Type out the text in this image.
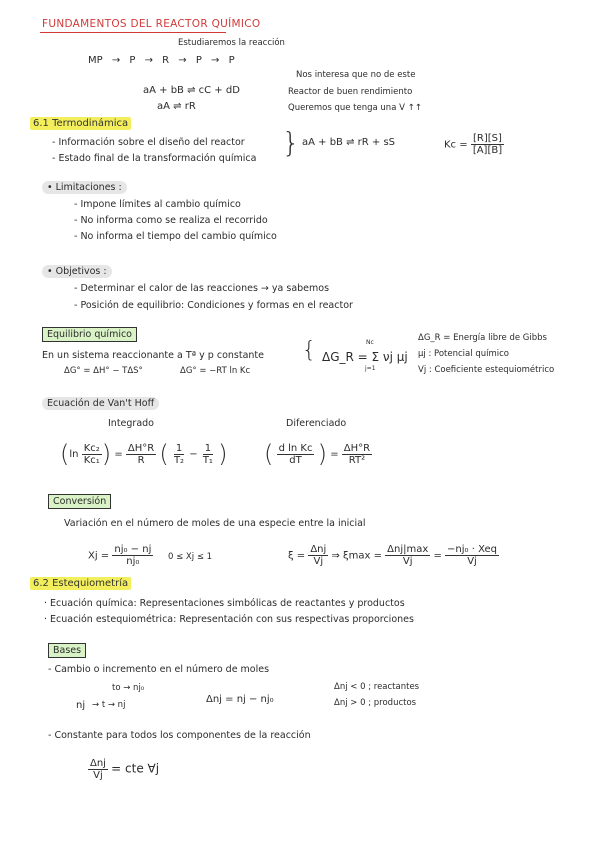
FUNDAMENTOS DEL REACTOR QUÍMICO
Estudiaremos la reacción
MP → P → R → P → P
aA + bB ⇌ cC + dD
aA ⇌ rR
Nos interesa que no de este
Reactor de buen rendimiento
Queremos que tenga una V ↑↑
6.1 Termodinámica
- Información sobre el diseño del reactor
- Estado final de la transformación química } aA + bB ⇌ rR + sS	$Kc = \frac{[R][S]}{[A][B]}$
• Limitaciones :
- Impone límites al cambio químico
- No informa como se realiza el recorrido
- No informa el tiempo del cambio químico
• Objetivos :
- Determinar el calor de las reacciones → ya sabemos
- Posición de equilibrio: Condiciones y formas en el reactor
Equilibrio químico
En un sistema reaccionante a Tª y p constante { ΔG_R = Σ νj μj
Nc
j=1
ΔG° = ΔH° − TΔS°	ΔG° = −RT ln Kc
ΔG_R = Energía libre de Gibbs
μj : Potencial químico
Vj : Coeficiente estequiométrico
Ecuación de Van't Hoff
Integrado	Diferenciado
($\ln \frac{\text{Kc₂}}{\text{Kc₁}}$ ) = $\frac{\Delta H^\circ R}{R}$ ( $\frac{1}{\text{T₂}} - \frac{1}{\text{T₁}}$ ) ( $\frac{\text{d ln Kc}}{dT}$ ) = $\frac{\Delta H^\circ R}{\text{RT²}}$
Conversión
Variación en el número de moles de una especie entre la inicial
$Xj = \frac{\text{nj₀ − nj}}{\text{nj₀}} 0 \le Xj \le 1$	$\xi = \frac{\text{Δnj}}{Vj}$ ⇒ $\xi\max = \frac{\text{Δnj|max}}{Vj} = \frac{\text{−nj₀ · Xeq}}{Vj}$
6.2 Estequiometría
· Ecuación química: Representaciones simbólicas de reactantes y productos
· Ecuación estequiométrica: Representación con sus respectivas proporciones
Bases
- Cambio o incremento en el número de moles
to → nj₀
nj → t → nj	Δnj = nj − nj₀
Δnj < 0 ; reactantes
Δnj > 0 ; productos
- Constante para todos los componentes de la reacción
$\frac{\text{Δnj}}{Vj}$ = cte ∀j
